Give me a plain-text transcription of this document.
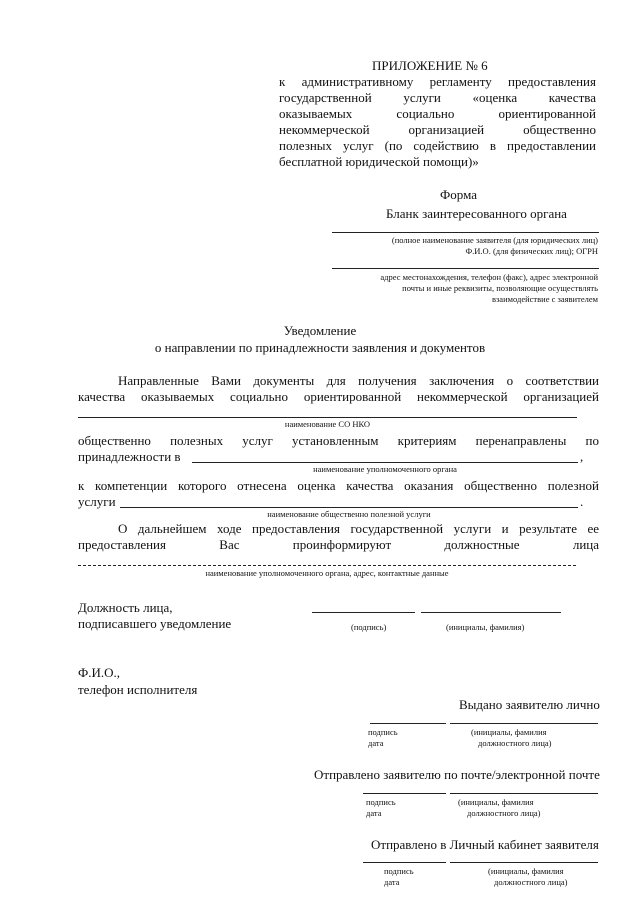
ПРИЛОЖЕНИЕ № 6
к административному регламенту предоставления
государственной услуги «оценка качества
оказываемых социально ориентированной
некоммерческой организацией общественно
полезных услуг (по содействию в предоставлении
бесплатной юридической помощи)»
Форма
Бланк заинтересованного органа
(полное наименование заявителя (для юридических лиц)
Ф.И.О. (для физических лиц); ОГРН
адрес местонахождения, телефон (факс), адрес электронной
почты и иные реквизиты, позволяющие осуществлять
взаимодействие с заявителем
Уведомление
о направлении по принадлежности заявления и документов
Направленные Вами документы для получения заключения о соответствии
качества оказываемых социально ориентированной некоммерческой организацией
наименование СО НКО
общественно полезных услуг установленным критериям перенаправлены по
принадлежности в	,
наименование уполномоченного органа
к компетенции которого отнесена оценка качества оказания общественно полезной
услуги	.
наименование общественно полезной услуги
О дальнейшем ходе предоставления государственной услуги и результате ее
предоставления Вас проинформируют должностные лица
наименование уполномоченного органа, адрес, контактные данные
Должность лица,
подписавшего уведомление	(подпись)	(инициалы, фамилия)
Ф.И.О.,
телефон исполнителя
Выдано заявителю лично
подпись
дата
(инициалы, фамилия
должностного лица)
Отправлено заявителю по почте/электронной почте
подпись
дата
(инициалы, фамилия
должностного лица)
Отправлено в Личный кабинет заявителя
подпись
дата
(инициалы, фамилия
должностного лица)
